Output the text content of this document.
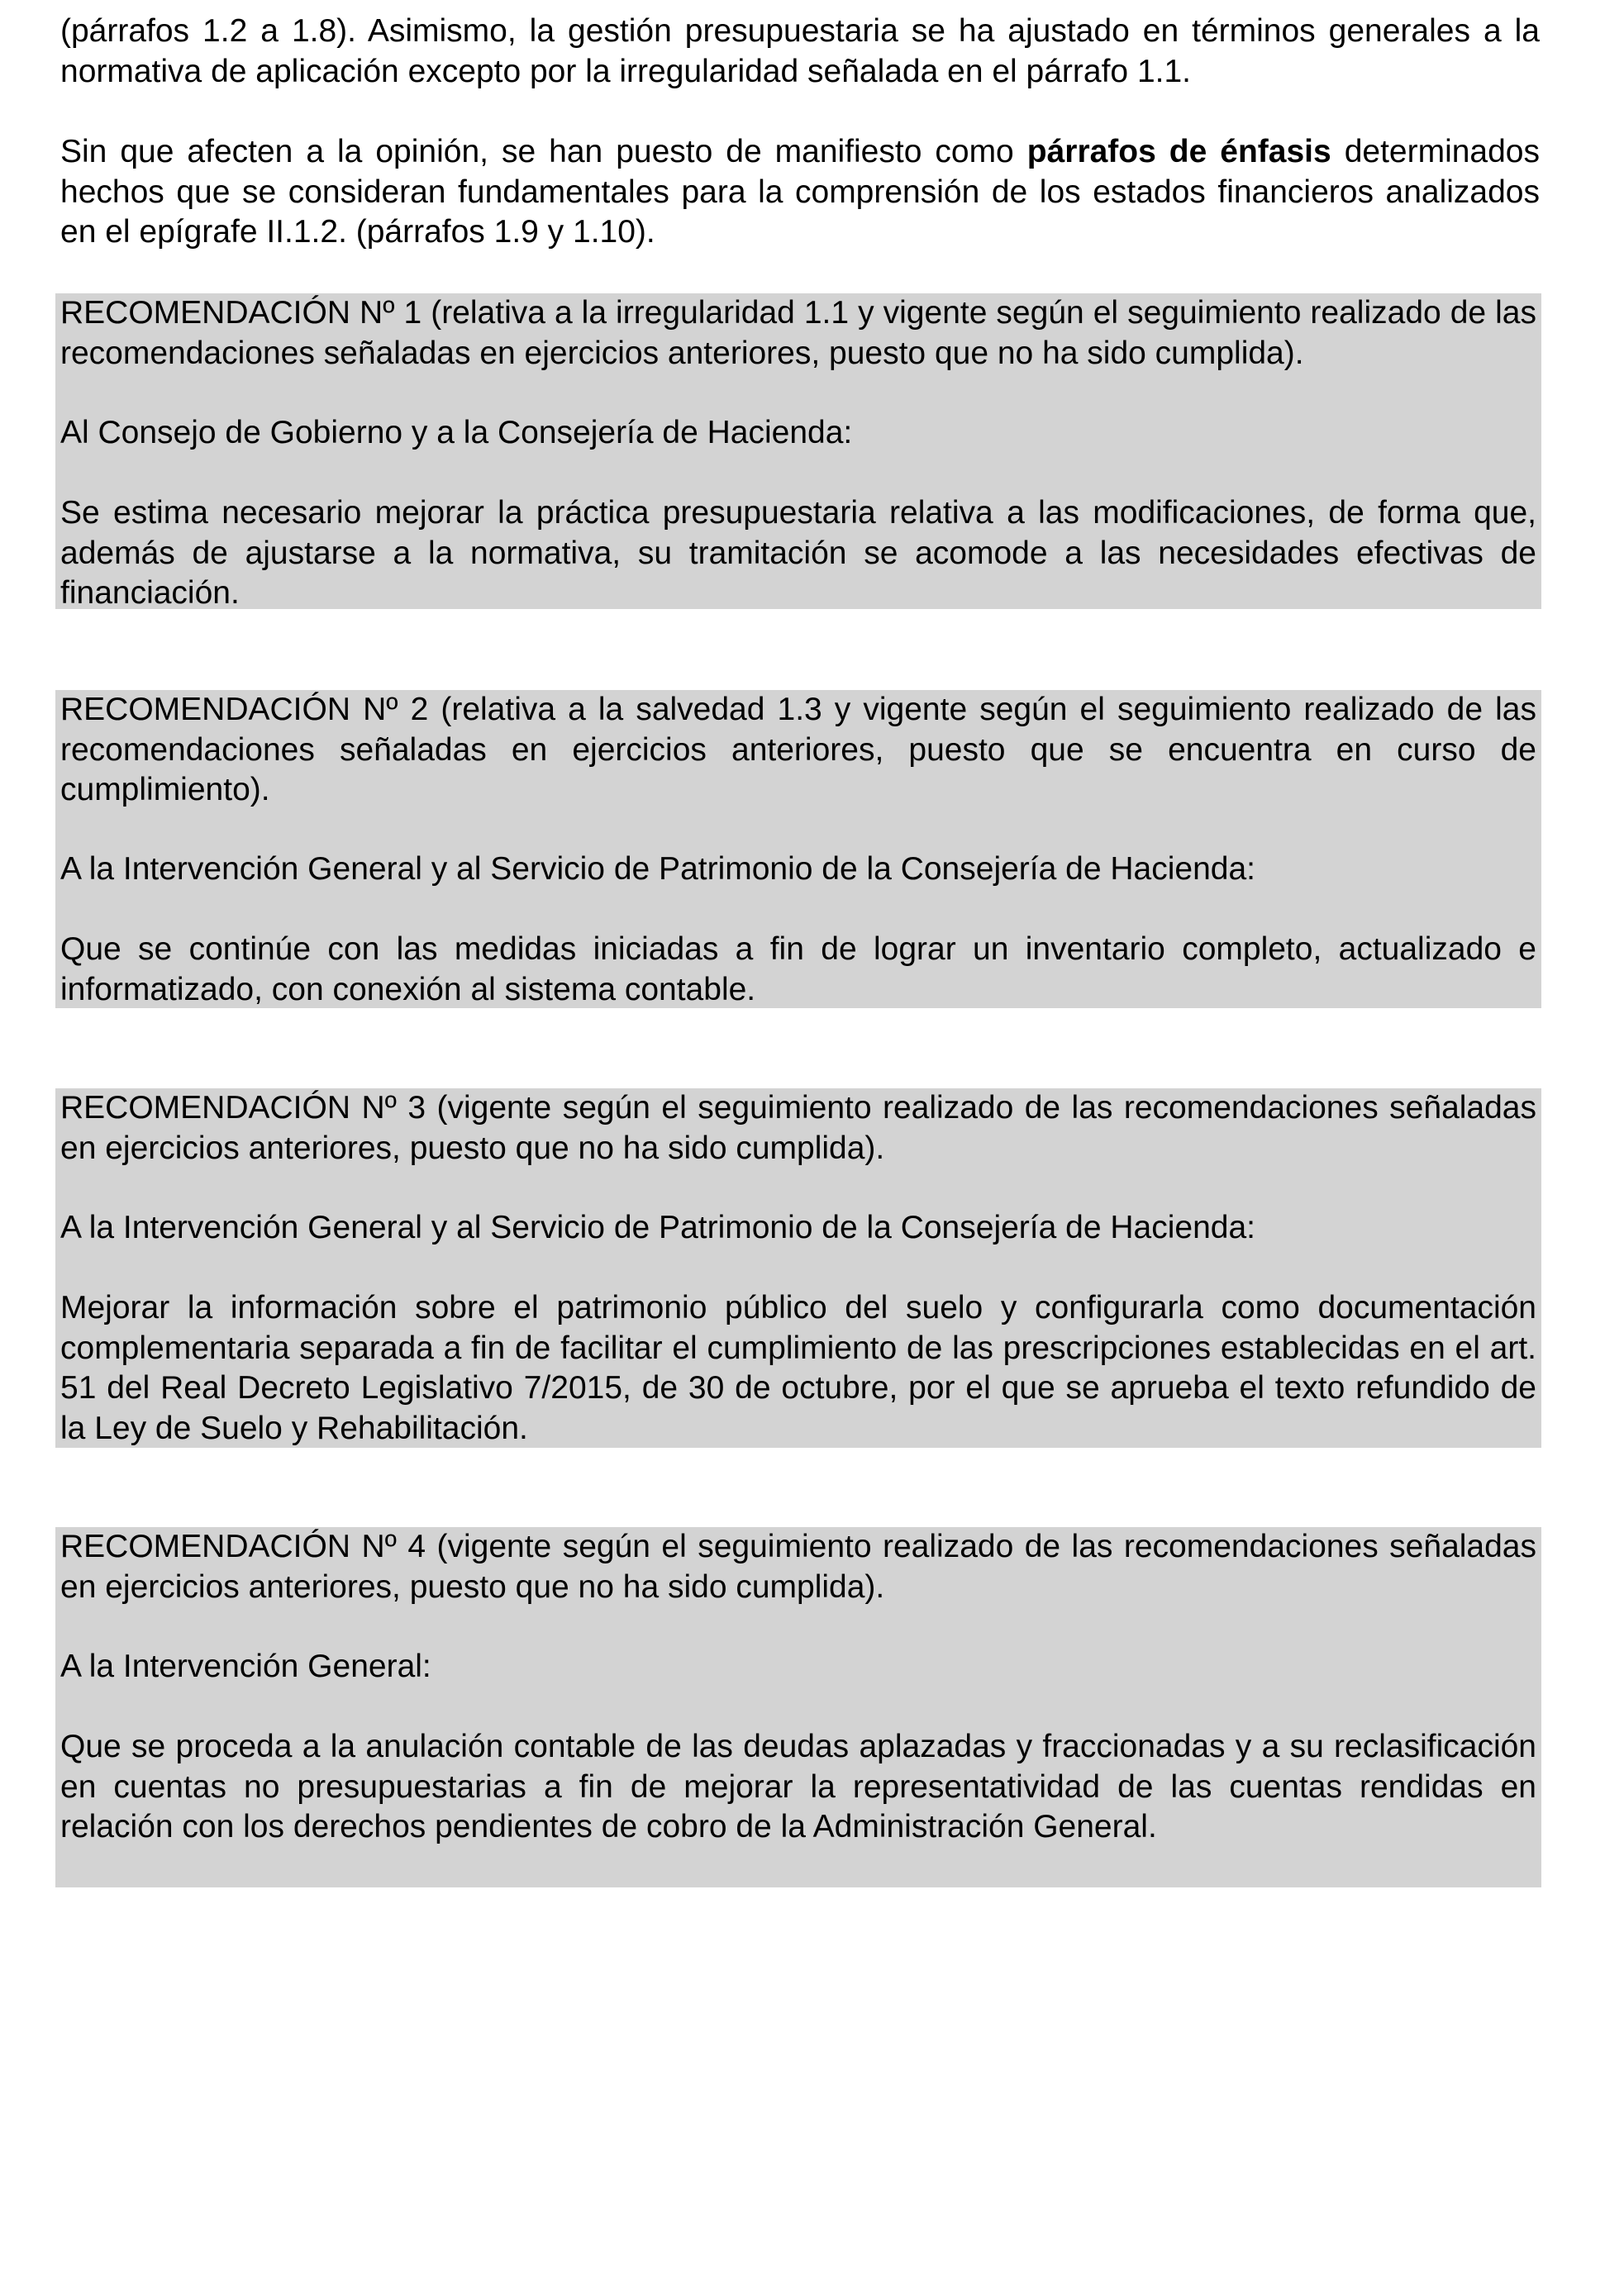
(párrafos 1.2 a 1.8). Asimismo, la gestión presupuestaria se ha ajustado en términos generales a la normativa de aplicación excepto por la irregularidad señalada en el párrafo 1.1.

Sin que afecten a la opinión, se han puesto de manifiesto como párrafos de énfasis determinados hechos que se consideran fundamentales para la comprensión de los estados financieros analizados en el epígrafe II.1.2. (párrafos 1.9 y 1.10).

RECOMENDACIÓN Nº 1 (relativa a la irregularidad 1.1 y vigente según el seguimiento realizado de las recomendaciones señaladas en ejercicios anteriores, puesto que no ha sido cumplida).

Al Consejo de Gobierno y a la Consejería de Hacienda:

Se estima necesario mejorar la práctica presupuestaria relativa a las modificaciones, de forma que, además de ajustarse a la normativa, su tramitación se acomode a las necesidades efectivas de financiación.

RECOMENDACIÓN Nº 2 (relativa a la salvedad 1.3 y vigente según el seguimiento realizado de las recomendaciones señaladas en ejercicios anteriores, puesto que se encuentra en curso de cumplimiento).

A la Intervención General y al Servicio de Patrimonio de la Consejería de Hacienda:

Que se continúe con las medidas iniciadas a fin de lograr un inventario completo, actualizado e informatizado, con conexión al sistema contable.

RECOMENDACIÓN Nº 3 (vigente según el seguimiento realizado de las recomendaciones señaladas en ejercicios anteriores, puesto que no ha sido cumplida).

A la Intervención General y al Servicio de Patrimonio de la Consejería de Hacienda:

Mejorar la información sobre el patrimonio público del suelo y configurarla como documentación complementaria separada a fin de facilitar el cumplimiento de las prescripciones establecidas en el art. 51 del Real Decreto Legislativo 7/2015, de 30 de octubre, por el que se aprueba el texto refundido de la Ley de Suelo y Rehabilitación.

RECOMENDACIÓN Nº 4 (vigente según el seguimiento realizado de las recomendaciones señaladas en ejercicios anteriores, puesto que no ha sido cumplida).

A la Intervención General:

Que se proceda a la anulación contable de las deudas aplazadas y fraccionadas y a su reclasificación en cuentas no presupuestarias a fin de mejorar la representatividad de las cuentas rendidas en relación con los derechos pendientes de cobro de la Administración General.
